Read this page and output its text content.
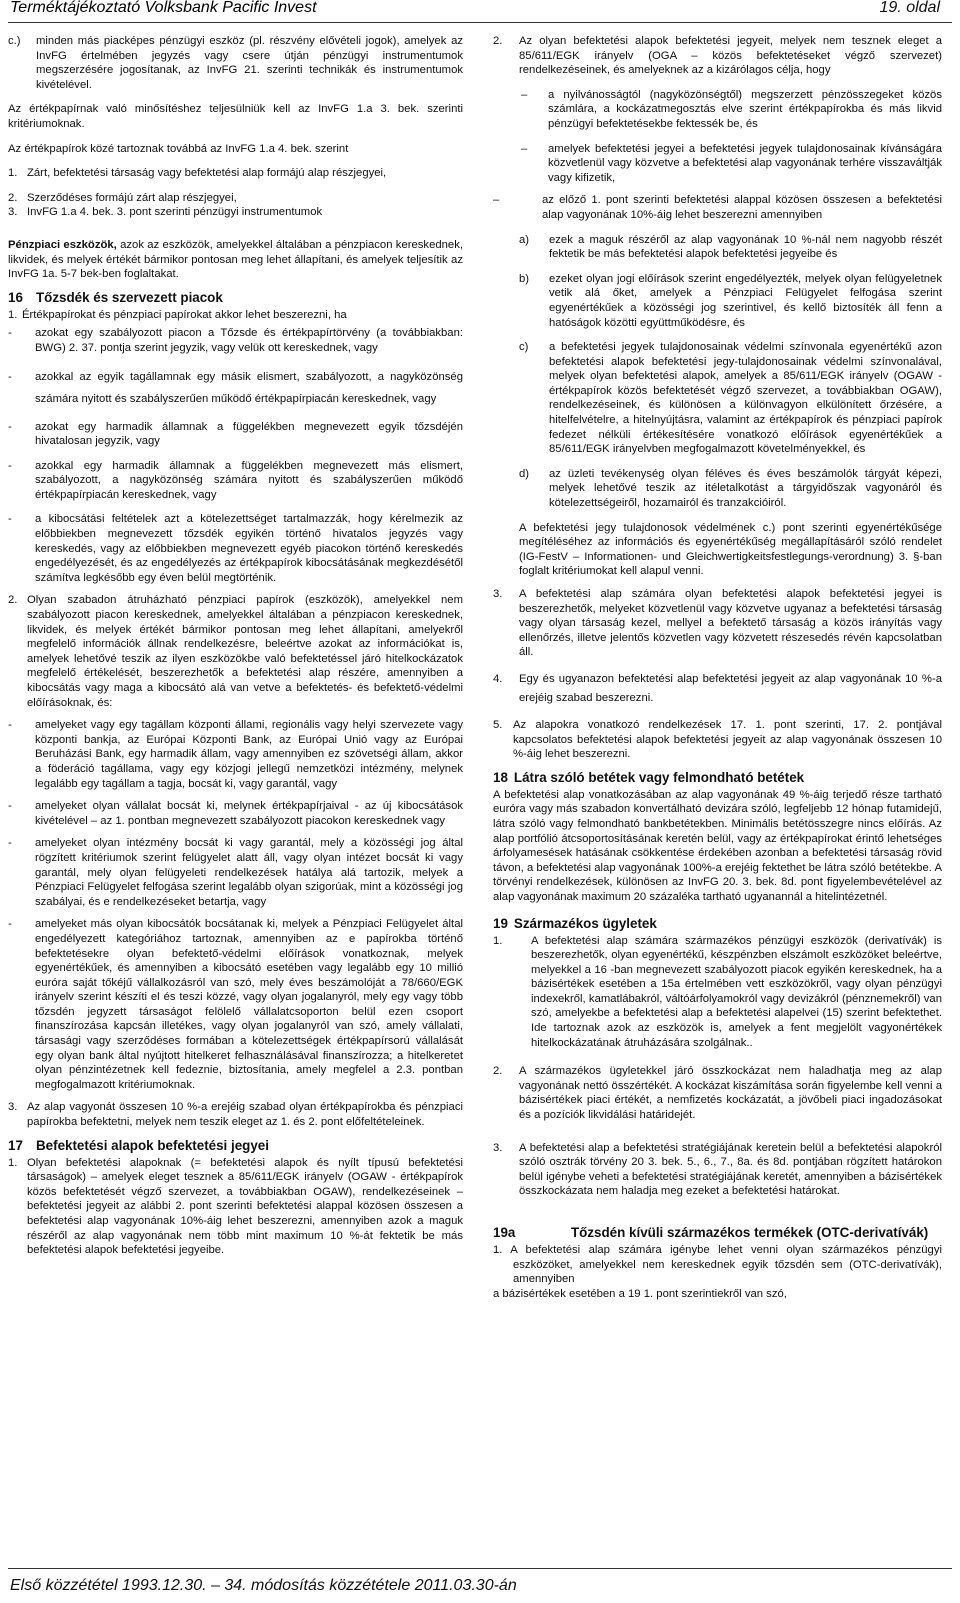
Terméktájékoztató Volksbank Pacific Invest	19. oldal
c.) minden más piacképes pénzügyi eszköz (pl. részvény elővételi jogok), amelyek az InvFG értelmében jegyzés vagy csere útján pénzügyi instrumentumok megszerzésére jogosítanak, az InvFG 21. szerinti technikák és instrumentumok kivételével.

Az értékpapírnak való minősítéshez teljesülniük kell az InvFG 1.a 3. bek. szerinti kritériumoknak.

Az értékpapírok közé tartoznak továbbá az InvFG 1.a 4. bek. szerint

1. Zárt, befektetési társaság vagy befektetési alap formájú alap részjegyei,
2. Szerződéses formájú zárt alap részjegyei,
3. InvFG 1.a 4. bek. 3. pont szerinti pénzügyi instrumentumok

Pénzpiaci eszközök, azok az eszközök, amelyekkel általában a pénzpiacon kereskednek, likvidek, és melyek értékét bármikor pontosan meg lehet állapítani, és amelyek teljesítik az InvFG 1a. 5-7 bek-ben foglaltakat.

16 Tőzsdék és szervezett piacok
1. Értékpapírokat és pénzpiaci papírokat akkor lehet beszerezni, ha
- azokat egy szabályozott piacon a Tőzsde és értékpapírtörvény (a továbbiakban: BWG) 2. 37. pontja szerint jegyzik, vagy velük ott kereskednek, vagy
- azokkal az egyik tagállamnak egy másik elismert, szabályozott, a nagyközönség számára nyitott és szabályszerűen működő értékpapírpiacán kereskednek, vagy
- azokat egy harmadik államnak a függelékben megnevezett egyik tőzsdéjén hivatalosan jegyzik, vagy
- azokkal egy harmadik államnak a függelékben megnevezett más elismert, szabályozott, a nagyközönség számára nyitott és szabályszerűen működő értékpapírpiacán kereskednek, vagy
- a kibocsátási feltételek azt a kötelezettséget tartalmazzák, hogy kérelmezik az előbbiekben megnevezett tőzsdék egyikén történő hivatalos jegyzés vagy kereskedés, vagy az előbbiekben megnevezett egyéb piacokon történő kereskedés engedélyezését, és az engedélyezés az értékpapírok kibocsátásának megkezdésétől számítva legkésőbb egy éven belül megtörténik.
2. Olyan szabadon átruházható pénzpiaci papírok (eszközök), amelyekkel nem szabályozott piacon kereskednek, amelyekkel általában a pénzpiacon kereskednek, likvidek, és melyek értékét bármikor pontosan meg lehet állapítani, amelyekről megfelelő információk állnak rendelkezésre, beleértve azokat az információkat is, amelyek lehetővé teszik az ilyen eszközökbe való befektetéssel járó hitelkockázatok megfelelő értékelését, beszerezhetők a befektetési alap részére, amennyiben a kibocsátás vagy maga a kibocsátó alá van vetve a befektetés- és befektető-védelmi előírásoknak, és:
- amelyeket vagy egy tagállam központi állami, regionális vagy helyi szervezete vagy központi bankja, az Európai Központi Bank, az Európai Unió vagy az Európai Beruházási Bank, egy harmadik állam, vagy amennyiben ez szövetségi állam, akkor a föderáció tagállama, vagy egy közjogi jellegű nemzetközi intézmény, melynek legalább egy tagállam a tagja, bocsát ki, vagy garantál, vagy
- amelyeket olyan vállalat bocsát ki, melynek értékpapírjaival - az új kibocsátások kivételével – az 1. pontban megnevezett szabályozott piacokon kereskednek vagy
- amelyeket olyan intézmény bocsát ki vagy garantál, mely a közösségi jog által rögzített kritériumok szerint felügyelet alatt áll, vagy olyan intézet bocsát ki vagy garantál, mely olyan felügyeleti rendelkezések hatálya alá tartozik, melyek a Pénzpiaci Felügyelet felfogása szerint legalább olyan szigorúak, mint a közösségi jog szabályai, és e rendelkezéseket betartja, vagy
- amelyeket más olyan kibocsátók bocsátanak ki, melyek a Pénzpiaci Felügyelet által engedélyezett kategóriához tartoznak, amennyiben az e papírokba történő befektetésekre olyan befektető-védelmi előírások vonatkoznak, melyek egyenértékűek, és amennyiben a kibocsátó esetében vagy legalább egy 10 millió euróra saját tőkéjű vállalkozásról van szó, mely éves beszámolóját a 78/660/EGK irányelv szerint készíti el és teszi közzé, vagy olyan jogalanyról, mely egy vagy több tőzsdén jegyzett társaságot felölelő vállalatcsoporton belül ezen csoport finanszírozása kapcsán illetékes, vagy olyan jogalanyról van szó, amely vállalati, társasági vagy szerződéses formában a kötelezettségek értékpapírsorú vállalását egy olyan bank által nyújtott hitelkeret felhasználásával finanszírozza; a hitelkeretet olyan pénzintézetnek kell fedeznie, biztosítania, amely megfelel a 2.3. pontban megfogalmazott kritériumoknak.
3. Az alap vagyonát összesen 10 %-a erejéig szabad olyan értékpapírokba és pénzpiaci papírokba befektetni, melyek nem teszik eleget az 1. és 2. pont előfeltételeinek.
17 Befektetési alapok befektetési jegyei
1. Olyan befektetési alapoknak (= befektetési alapok és nyílt típusú befektetési társaságok) – amelyek eleget tesznek a 85/611/EGK irányelv (OGAW - értékpapírok közös befektetését végző szervezet, a továbbiakban OGAW), rendelkezéseinek – befektetési jegyeit az alábbi 2. pont szerinti befektetési alappal közösen összesen a befektetési alap vagyonának 10%-áig lehet beszerezni, amennyiben azok a maguk részéről az alap vagyonának nem több mint maximum 10 %-át fektetik be más befektetési alapok befektetési jegyeibe.
2. Az olyan befektetési alapok befektetési jegyeit, melyek nem tesznek eleget a 85/611/EGK irányelv (OGA – közös befektetéseket végző szervezet) rendelkezéseinek, és amelyeknek az a kizárólagos célja, hogy
– a nyilvánosságtól (nagyközönségtől) megszerzett pénzösszegeket közös számlára, a kockázatmegosztás elve szerint értékpapírokba és más likvid pénzügyi befektetésekbe fektessék be, és
– amelyek befektetési jegyei a befektetési jegyek tulajdonosainak kívánságára közvetlenül vagy közvetve a befektetési alap vagyonának terhére visszaváltják vagy kifizetik,
–	az előző 1. pont szerinti befektetési alappal közösen összesen a befektetési alap vagyonának 10%-áig lehet beszerezni amennyiben
a) ezek a maguk részéről az alap vagyonának 10 %-nál nem nagyobb részét fektetik be más befektetési alapok befektetési jegyeibe és
b) ezeket olyan jogi előírások szerint engedélyezték, melyek olyan felügyeletnek vetik alá őket, amelyek a Pénzpiaci Felügyelet felfogása szerint egyenértékűek a közösségi jog szerintivel, és kellő biztosíték áll fenn a hatóságok közötti együttműködésre, és
c) a befektetési jegyek tulajdonosainak védelmi színvonala egyenértékű azon befektetési alapok befektetési jegy-tulajdonosainak védelmi színvonalával, melyek olyan befektetési alapok, amelyek a 85/611/EGK irányelv (OGAW - értékpapírok közös befektetését végző szervezet, a továbbiakban OGAW), rendelkezéseinek, és különösen a különvagyon elkülönített őrzésére, a hitelfelvételre, a hitelnyújtásra, valamint az értékpapírok és pénzpiaci papírok fedezet nélküli értékesítésére vonatkozó előírások egyenértékűek a 85/611/EGK irányelvben megfogalmazott követelményekkel, és
d) az üzleti tevékenység olyan féléves és éves beszámolók tárgyát képezi, melyek lehetővé teszik az itéletalkotást a tárgyidőszak vagyonáról és kötelezettségeiről, hozamairól és tranzakcióiról.

A befektetési jegy tulajdonosok védelmének c.) pont szerinti egyenértékűsége megítéléséhez az információs és egyenértékűség megállapításáról szóló rendelet (IG-FestV – Informationen- und Gleichwertigkeitsfestlegungs-verordnung) 3. §-ban foglalt kritériumokat kell alapul venni.

3. A befektetési alap számára olyan befektetési alapok befektetési jegyei is beszerezhetők, melyeket közvetlenül vagy közvetve ugyanaz a befektetési társaság vagy olyan társaság kezel, mellyel a befektető társaság a közös irányítás vagy ellenőrzés, illetve jelentős közvetlen vagy közvetett részesedés révén kapcsolatban áll.
4. Egy és ugyanazon befektetési alap befektetési jegyeit az alap vagyonának 10 %-a erejéig szabad beszerezni.
5. Az alapokra vonatkozó rendelkezések 17. 1. pont szerinti, 17. 2. pontjával kapcsolatos befektetési alapok befektetési jegyeit az alap vagyonának összesen 10 %-áig lehet beszerezni.
18 Látra szóló betétek vagy felmondható betétek

A befektetési alap vonatkozásában az alap vagyonának 49 %-áig terjedő része tartható euróra vagy más szabadon konvertálható devizára szóló, legfeljebb 12 hónap futamidejű, látra szóló vagy felmondható bankbetétekben. Minimális betétösszegre nincs előírás. Az alap portfólió átcsoportosításának keretén belül, vagy az értékpapírokat érintő lehetséges árfolyamesések hatásának csökkentése érdekében azonban a befektetési társaság rövid távon, a befektetési alap vagyonának 100%-a erejéig fektethet be látra szóló betétekbe. A törvényi rendelkezések, különösen az InvFG 20. 3. bek. 8d. pont figyelembevételével az alap vagyonának maximum 20 százaléka tartható ugyanannál a hitelintézetnél.

19 Származékos ügyletek
1.	A befektetési alap számára származékos pénzügyi eszközök (derivatívák) is beszerezhetők, olyan egyenértékű, készpénzben elszámolt eszközöket beleértve, melyekkel a 16 -ban megnevezett szabályozott piacok egyikén kereskednek, ha a bázisértékek esetében a 15a értelmében vett eszközökről, vagy olyan pénzügyi indexekről, kamatlábakról, váltóárfolyamokról vagy devizákról (pénznemekről) van szó, amelyekbe a befektetési alap a befektetési alapelvei (15) szerint befektethet. Ide tartoznak azok az eszközök is, amelyek a fent megjelölt vagyonértékek hitelkockázatának átruházására szolgálnak..
2. A származékos ügyletekkel járó összkockázat nem haladhatja meg az alap vagyonának nettó összértékét. A kockázat kiszámítása során figyelembe kell venni a bázisértékek piaci értékét, a nemfizetés kockázatát, a jövőbeli piaci ingadozásokat és a pozíciók likvidálási határidejét.
3. A befektetési alap a befektetési stratégiájának keretein belül a befektetési alapokról szóló osztrák törvény 20 3. bek. 5., 6., 7., 8a. és 8d. pontjában rögzített határokon belül igénybe veheti a befektetési stratégiájának keretét, amennyiben a bázisértékek összkockázata nem haladja meg ezeket a befektetési határokat.
19a	Tőzsdén kívüli származékos termékek (OTC-derivatívák)

1. A befektetési alap számára igénybe lehet venni olyan származékos pénzügyi eszközöket, amelyekkel nem kereskednek egyik tőzsdén sem (OTC-derivatívák), amennyiben

a bázisértékek esetében a 19 1. pont szerintiekről van szó,

Első közzététel 1993.12.30. – 34. módosítás közzététele 2011.03.30-án
